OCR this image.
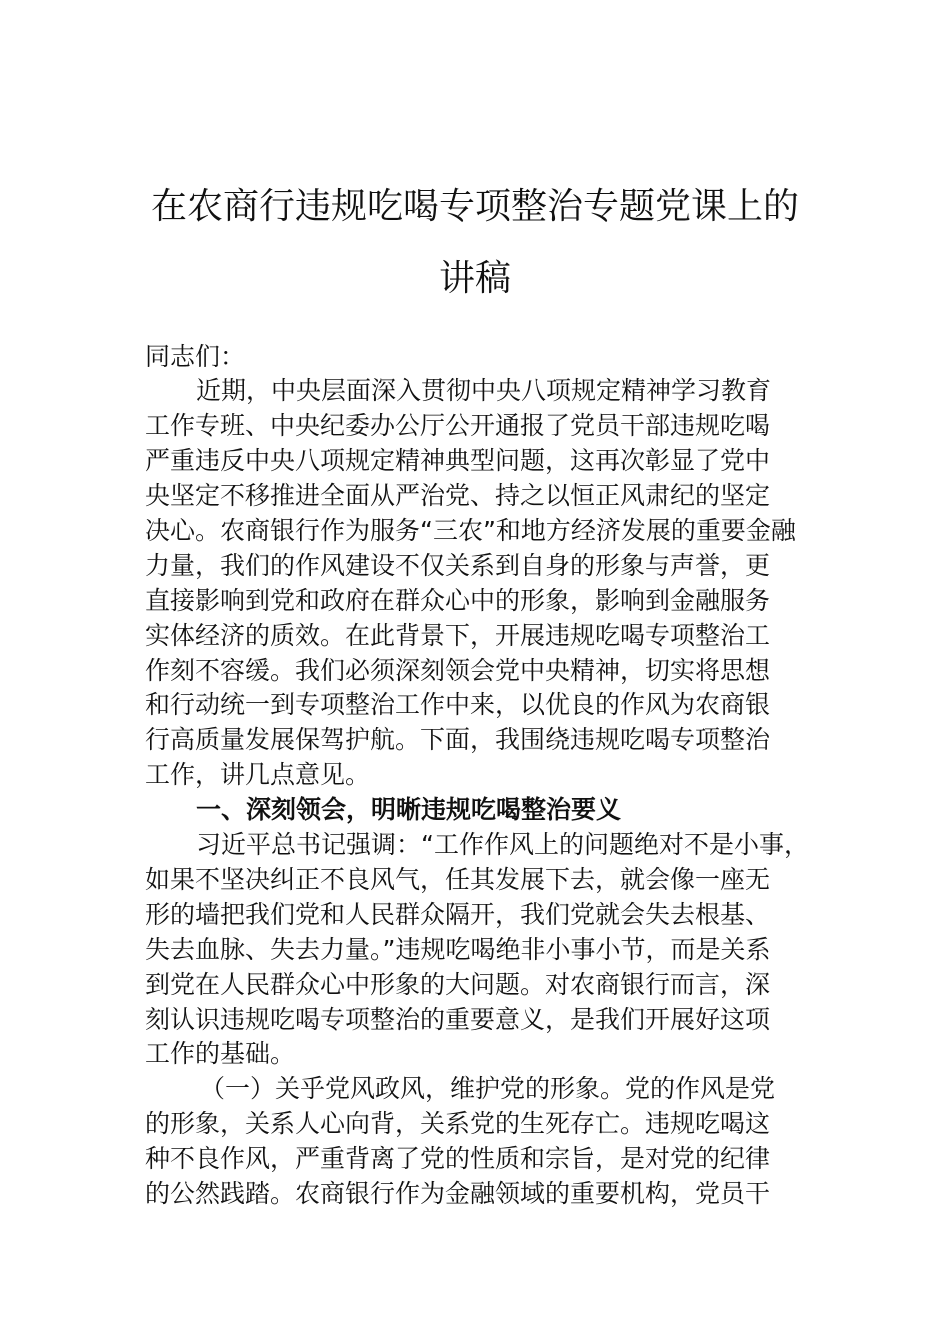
在农商行违规吃喝专项整治专题党课上的
讲稿

同志们：

近期，中央层面深入贯彻中央八项规定精神学习教育

工作专班、中央纪委办公厅公开通报了党员干部违规吃喝

严重违反中央八项规定精神典型问题，这再次彰显了党中

央坚定不移推进全面从严治党、持之以恒正风肃纪的坚定

决心。农商银行作为服务“三农”和地方经济发展的重要金融

力量，我们的作风建设不仅关系到自身的形象与声誉，更

直接影响到党和政府在群众心中的形象，影响到金融服务

实体经济的质效。在此背景下，开展违规吃喝专项整治工

作刻不容缓。我们必须深刻领会党中央精神，切实将思想

和行动统一到专项整治工作中来，以优良的作风为农商银

行高质量发展保驾护航。下面，我围绕违规吃喝专项整治

工作，讲几点意见。

一、深刻领会，明晰违规吃喝整治要义

习近平总书记强调：“工作作风上的问题绝对不是小事，

如果不坚决纠正不良风气，任其发展下去，就会像一座无

形的墙把我们党和人民群众隔开，我们党就会失去根基、

失去血脉、失去力量。”违规吃喝绝非小事小节，而是关系

到党在人民群众心中形象的大问题。对农商银行而言，深

刻认识违规吃喝专项整治的重要意义，是我们开展好这项

工作的基础。

（一）关乎党风政风，维护党的形象。党的作风是党

的形象，关系人心向背，关系党的生死存亡。违规吃喝这

种不良作风，严重背离了党的性质和宗旨，是对党的纪律

的公然践踏。农商银行作为金融领域的重要机构，党员干
